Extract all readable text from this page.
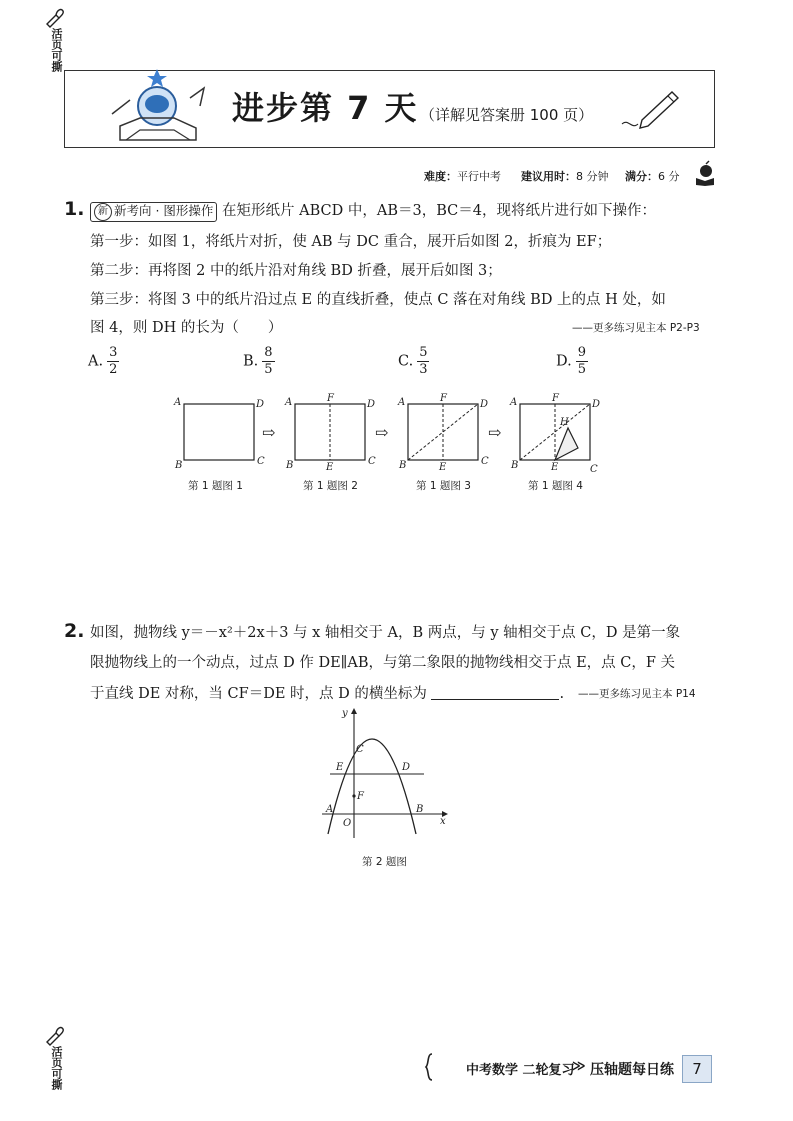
活页可撕
活页可撕
进步第 7 天 （详解见答案册 100 页）
难度：平行中考 建议用时：8 分钟 满分：6 分
1.	新 新考向 · 图形操作 在矩形纸片 ABCD 中，AB＝3，BC＝4，现将纸片进行如下操作：
第一步：如图 1，将纸片对折，使 AB 与 DC 重合，展开后如图 2，折痕为 EF；
第二步：再将图 2 中的纸片沿对角线 BD 折叠，展开后如图 3；
第三步：将图 3 中的纸片沿过点 E 的直线折叠，使点 C 落在对角线 BD 上的点 H 处，如
图 4，则 DH 的长为（　　）	——更多练习见主本 P2-P3
A. $\frac{3}{2}$	B. $\frac{8}{5}$	C. $\frac{5}{3}$	D. $\frac{9}{5}$
A	D
B	C
⇨
A	F
D
B	E
C
⇨
A	F
D
B	E
C
⇨
A	F
D
H
B	E	C
第 1 题图 1	第 1 题图 2	第 1 题图 3	第 1 题图 4
2. 如图，抛物线 y＝－x²＋2x＋3 与 x 轴相交于 A，B 两点，与 y 轴相交于点 C，D 是第一象
限抛物线上的一个动点，过点 D 作 DE∥AB，与第二象限的抛物线相交于点 E，点 C，F 关
于直线 DE 对称，当 CF＝DE 时，点 D 的横坐标为	. ——更多练习见主本 P14
y
x
C
E	D
F
A
O
B
第 2 题图
中考数学 二轮复习
≫ 压轴题每日练	7
